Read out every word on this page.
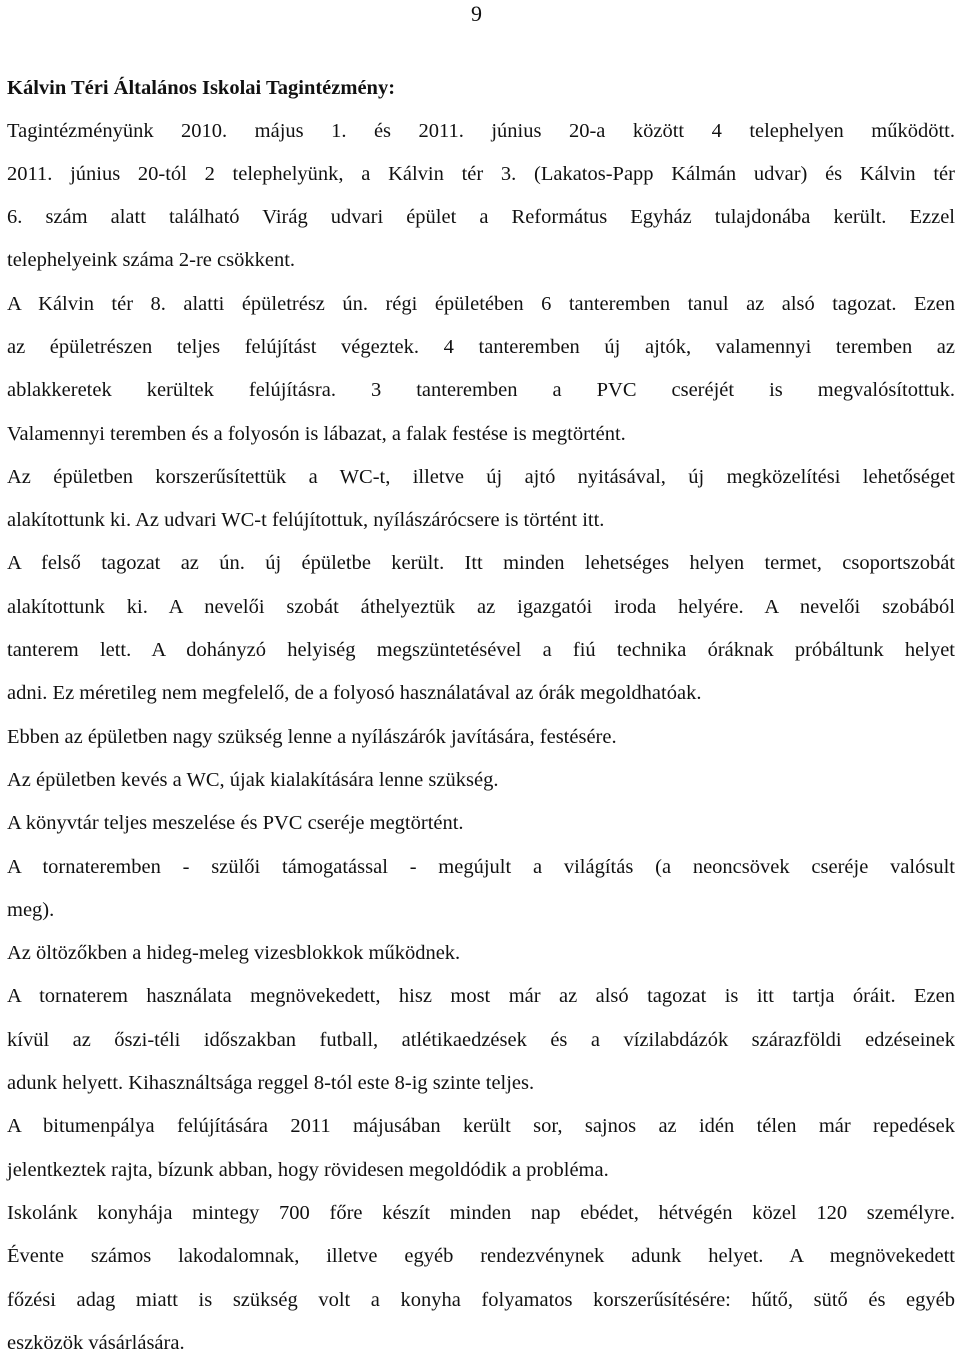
9
Kálvin Téri Általános Iskolai Tagintézmény:

Tagintézményünk 2010. május 1. és 2011. június 20-a között 4 telephelyen működött.
2011. június 20-tól 2 telephelyünk, a Kálvin tér 3. (Lakatos-Papp Kálmán udvar) és Kálvin tér
6. szám alatt található Virág udvari épület a Református Egyház tulajdonába került. Ezzel
telephelyeink száma 2-re csökkent.

A Kálvin tér 8. alatti épületrész ún. régi épületében 6 tanteremben tanul az alsó tagozat. Ezen
az épületrészen teljes felújítást végeztek. 4 tanteremben új ajtók, valamennyi teremben az
ablakkeretek kerültek felújításra. 3 tanteremben a PVC cseréjét is megvalósítottuk.
Valamennyi teremben és a folyosón is lábazat, a falak festése is megtörtént.

Az épületben korszerűsítettük a WC-t, illetve új ajtó nyitásával, új megközelítési lehetőséget
alakítottunk ki. Az udvari WC-t felújítottuk, nyílászárócsere is történt itt.

A felső tagozat az ún. új épületbe került. Itt minden lehetséges helyen termet, csoportszobát
alakítottunk ki. A nevelői szobát áthelyeztük az igazgatói iroda helyére. A nevelői szobából
tanterem lett. A dohányzó helyiség megszüntetésével a fiú technika óráknak próbáltunk helyet
adni. Ez méretileg nem megfelelő, de a folyosó használatával az órák megoldhatóak.

Ebben az épületben nagy szükség lenne a nyílászárók javítására, festésére.

Az épületben kevés a WC, újak kialakítására lenne szükség.

A könyvtár teljes meszelése és PVC cseréje megtörtént.

A tornateremben - szülői támogatással - megújult a világítás (a neoncsövek cseréje valósult
meg).

Az öltözőkben a hideg-meleg vizesblokkok működnek.

A tornaterem használata megnövekedett, hisz most már az alsó tagozat is itt tartja óráit. Ezen
kívül az őszi-téli időszakban futball, atlétikaedzések és a vízilabdázók szárazföldi edzéseinek
adunk helyett. Kihasználtsága reggel 8-tól este 8-ig szinte teljes.

A bitumenpálya felújítására 2011 májusában került sor, sajnos az idén télen már repedések
jelentkeztek rajta, bízunk abban, hogy rövidesen megoldódik a probléma.

Iskolánk konyhája mintegy 700 főre készít minden nap ebédet, hétvégén közel 120 személyre.
Évente számos lakodalomnak, illetve egyéb rendezvénynek adunk helyet. A megnövekedett
főzési adag miatt is szükség volt a konyha folyamatos korszerűsítésére: hűtő, sütő és egyéb
eszközök vásárlására.
